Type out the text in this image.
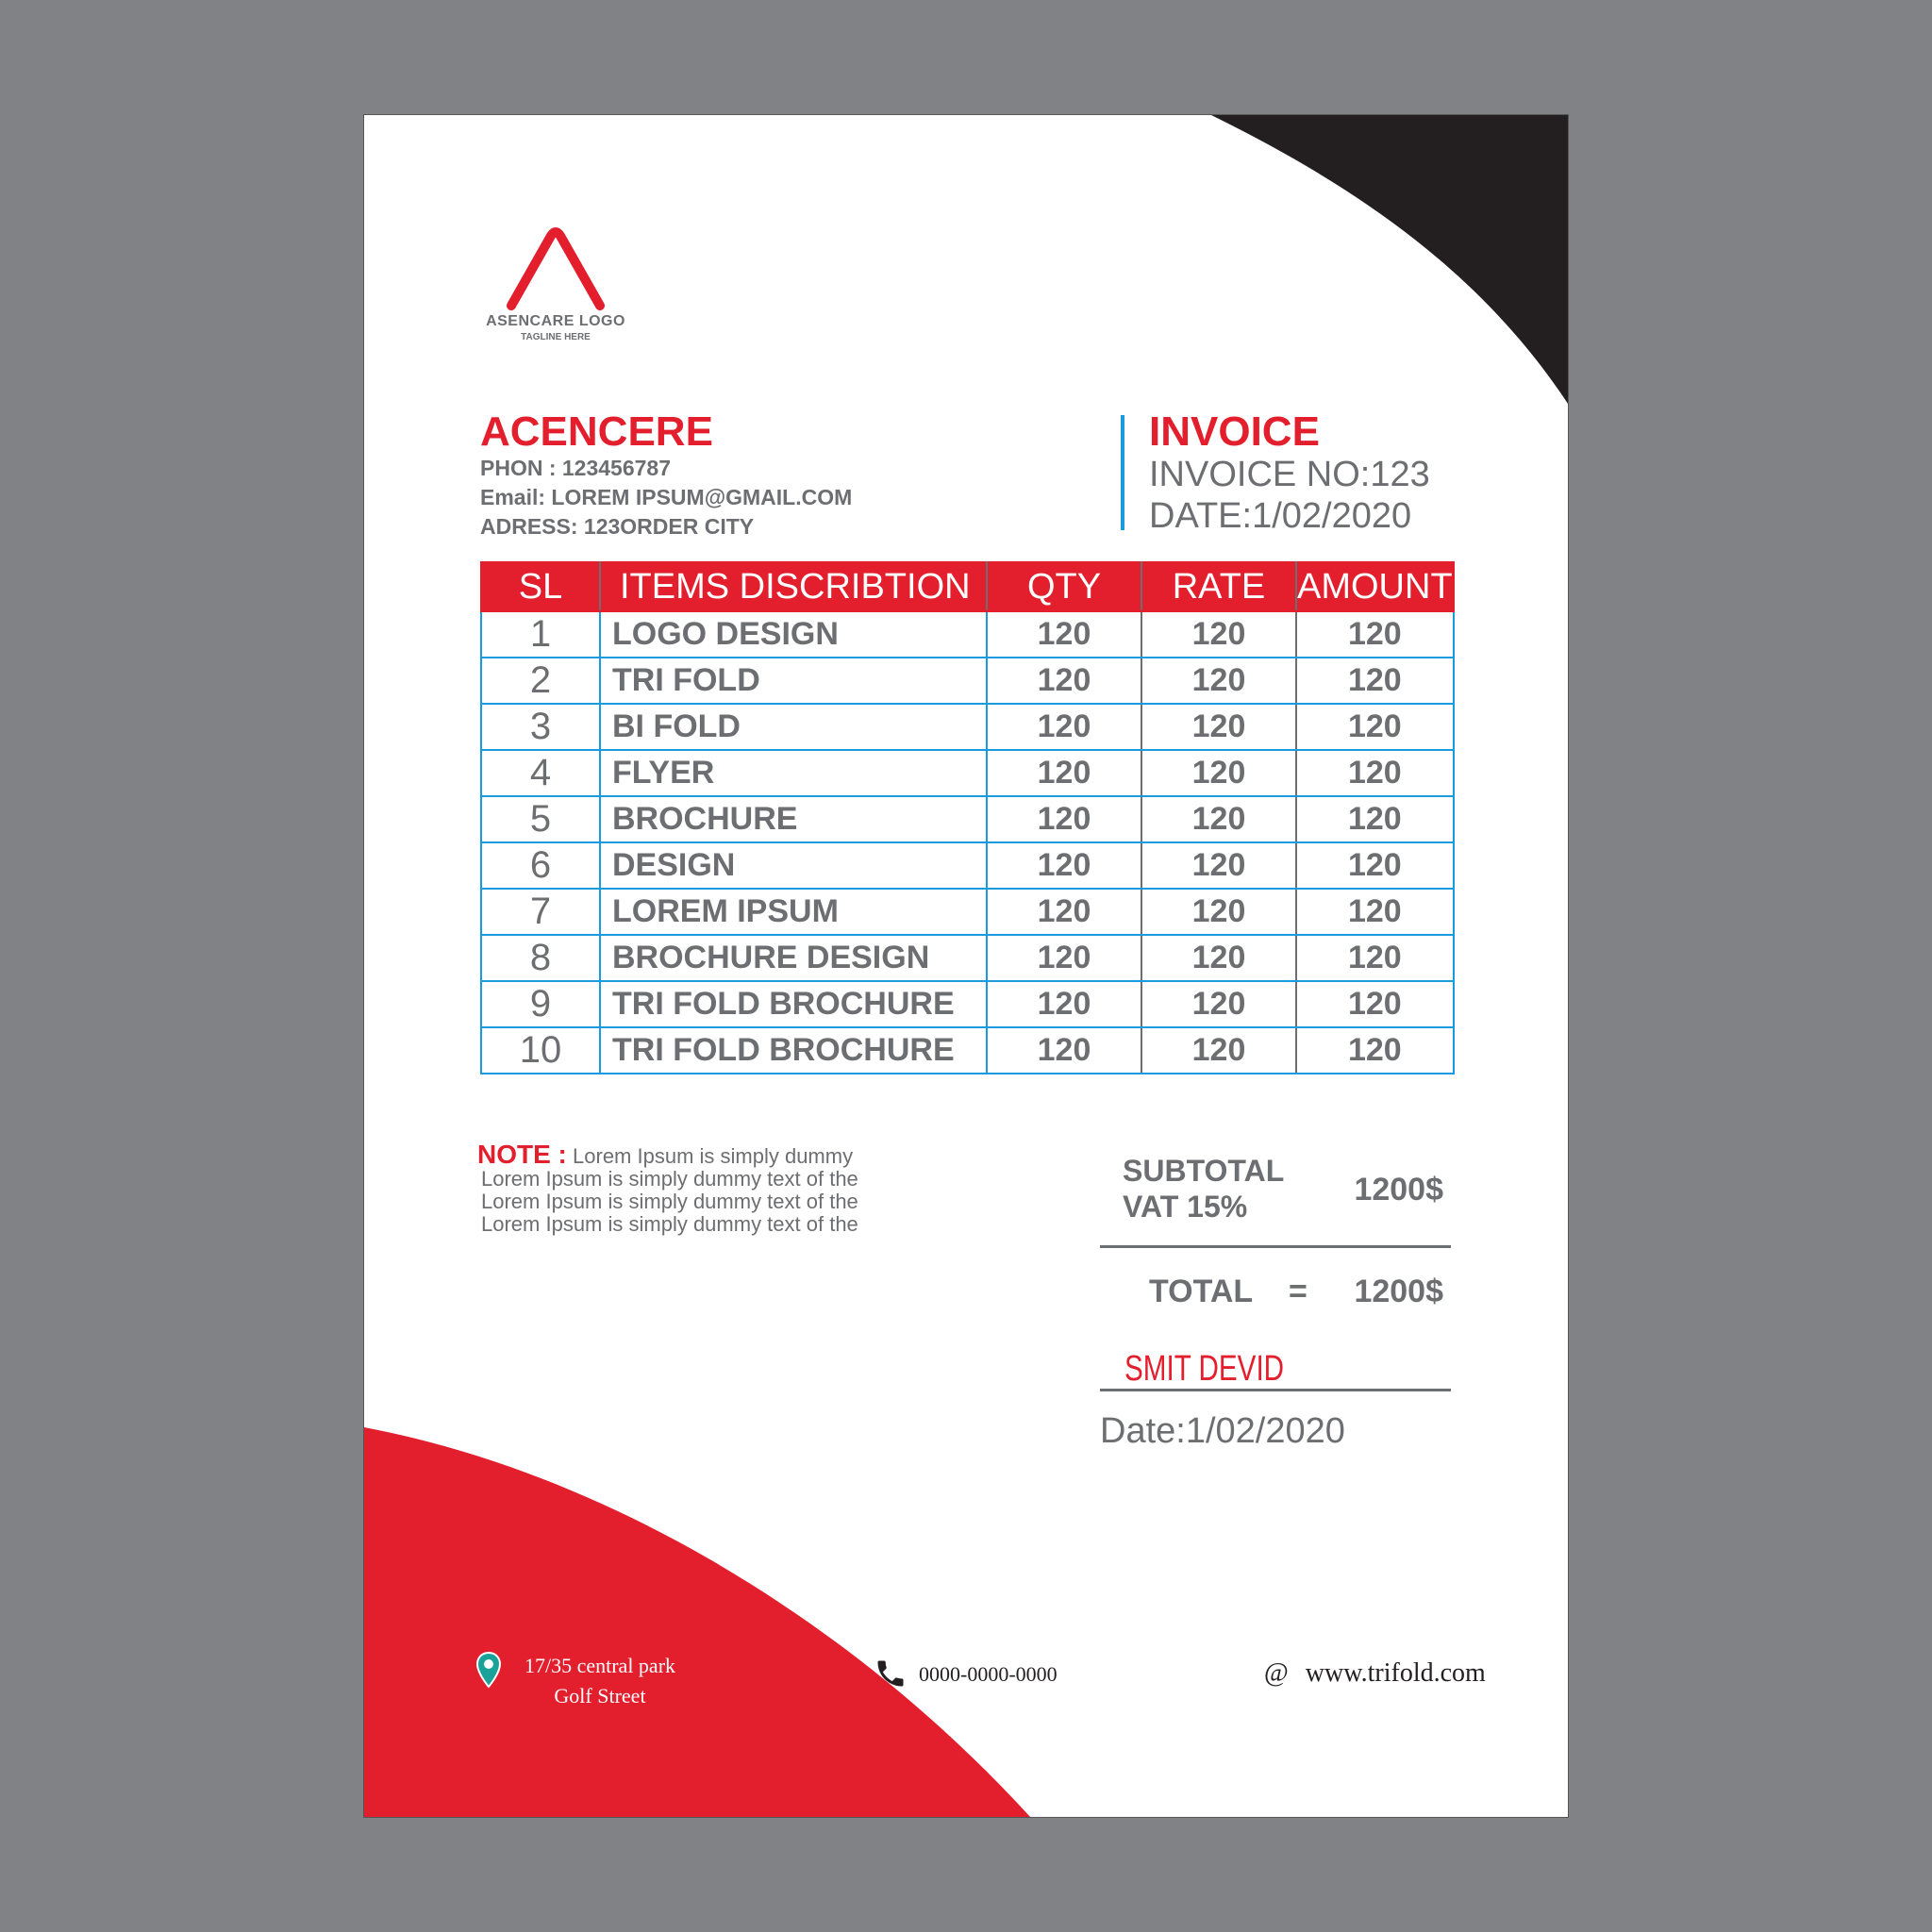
ASENCARE LOGO
TAGLINE HERE
ACENCERE
PHON : 123456787
Email: LOREM IPSUM@GMAIL.COM
ADRESS: 123ORDER CITY
INVOICE
INVOICE NO:123
DATE:1/02/2020
SL	ITEMS DISCRIBTION	QTY	RATE	AMOUNT
1	LOGO DESIGN	120	120	120
2	TRI FOLD	120	120	120
3	BI FOLD	120	120	120
4	FLYER	120	120	120
5	BROCHURE	120	120	120
6	DESIGN	120	120	120
7	LOREM IPSUM	120	120	120
8	BROCHURE DESIGN	120	120	120
9	TRI FOLD BROCHURE	120	120	120
10	TRI FOLD BROCHURE	120	120	120
NOTE : Lorem Ipsum is simply dummy
Lorem Ipsum is simply dummy text of the
Lorem Ipsum is simply dummy text of the
Lorem Ipsum is simply dummy text of the
SUBTOTAL
VAT 15%	1200$
TOTAL = 1200$
SMIT DEVID
Date:1/02/2020
17/35 central park
Golf Street
0000-0000-0000	@ www.trifold.com
